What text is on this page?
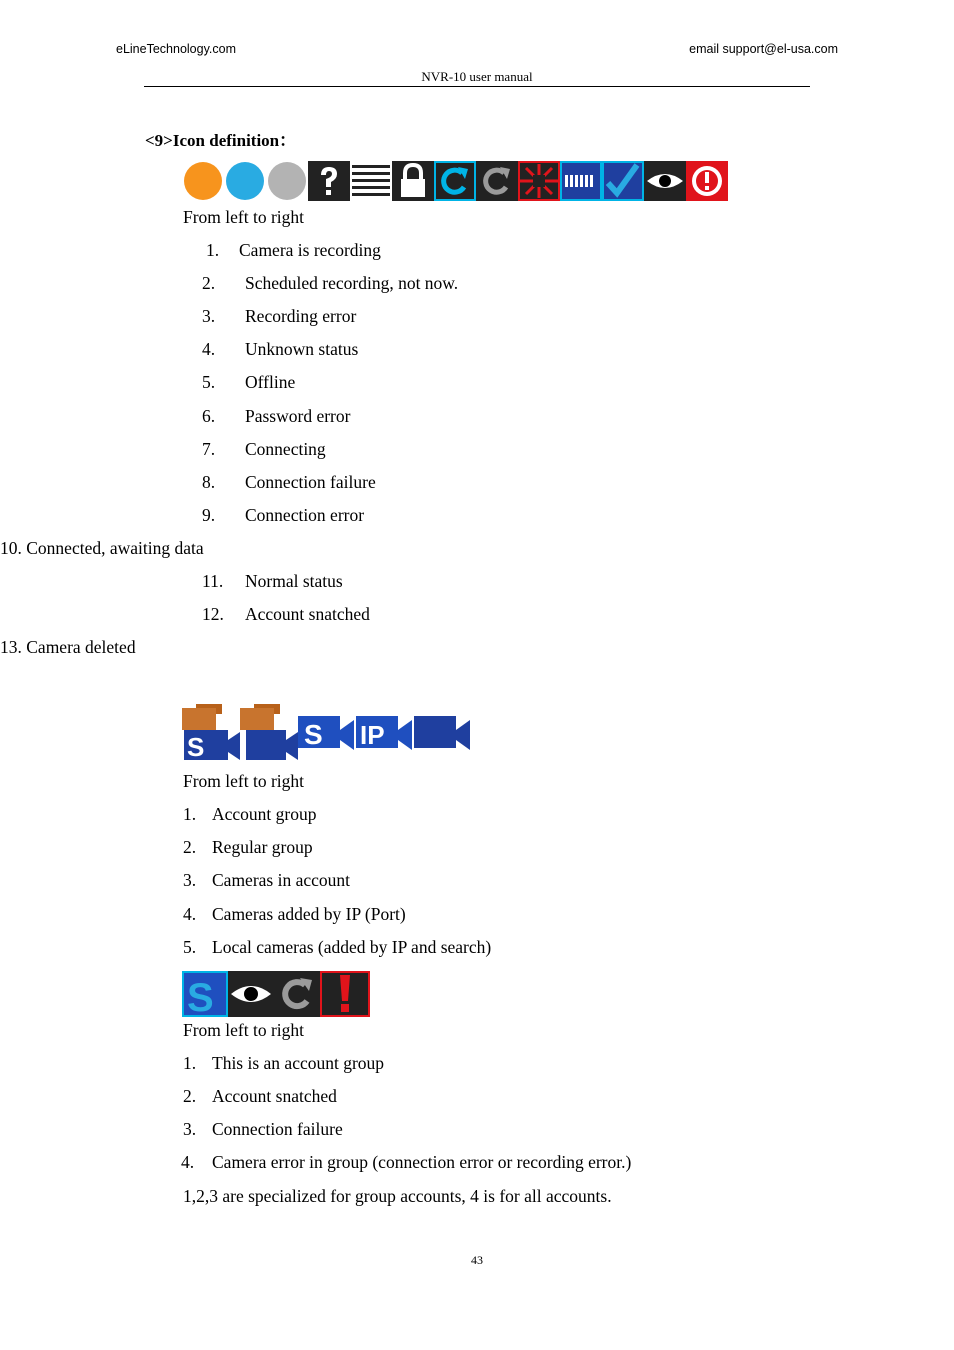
eLineTechnology.com	email support@el-usa.com
NVR-10 user manual
<9>Icon definition：
From left to right
1. Camera is recording
2. Scheduled recording, not now.
3. Recording error
4. Unknown status
5. Offline
6. Password error
7. Connecting
8. Connection failure
9. Connection error
10. Connected, awaiting data
11. Normal status
12. Account snatched
13. Camera deleted
S	S IP
From left to right
1. Account group
2. Regular group
3. Cameras in account
4. Cameras added by IP (Port)
5. Local cameras (added by IP and search)
S
From left to right
1. This is an account group
2. Account snatched
3. Connection failure
4. Camera error in group (connection error or recording error.)
1,2,3 are specialized for group accounts, 4 is for all accounts.
43
